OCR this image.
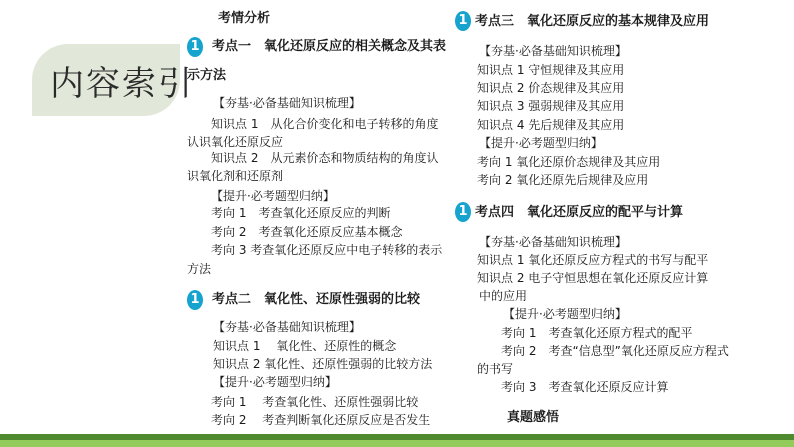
内容索引
考情分析
1 考点一　氧化还原反应的相关概念及其表
示方法
【夯基·必备基础知识梳理】
知识点 1　从化合价变化和电子转移的角度
认识氧化还原反应
知识点 2　从元素价态和物质结构的角度认
识氧化剂和还原剂
【提升·必考题型归纳】
考向 1　考查氧化还原反应的判断
考向 2　考查氧化还原反应基本概念
考向 3 考查氧化还原反应中电子转移的表示
方法
1 考点二　氧化性、还原性强弱的比较
【夯基·必备基础知识梳理】
知识点 1　 氧化性、还原性的概念
知识点 2 氧化性、还原性强弱的比较方法
【提升·必考题型归纳】
考向 1　 考查氧化性、还原性强弱比较
考向 2　 考查判断氧化还原反应是否发生
1 考点三　氧化还原反应的基本规律及应用
【夯基·必备基础知识梳理】
知识点 1 守恒规律及其应用
知识点 2 价态规律及其应用
知识点 3 强弱规律及其应用
知识点 4 先后规律及其应用
【提升·必考题型归纳】
考向 1 氧化还原价态规律及其应用
考向 2 氧化还原先后规律及应用
1 考点四　氧化还原反应的配平与计算
【夯基·必备基础知识梳理】
知识点 1 氧化还原反应方程式的书写与配平
知识点 2 电子守恒思想在氧化还原反应计算
中的应用
【提升·必考题型归纳】
考向 1　考查氧化还原方程式的配平
考向 2　考查“信息型”氧化还原反应方程式
的书写
考向 3　考查氧化还原反应计算
真题感悟
